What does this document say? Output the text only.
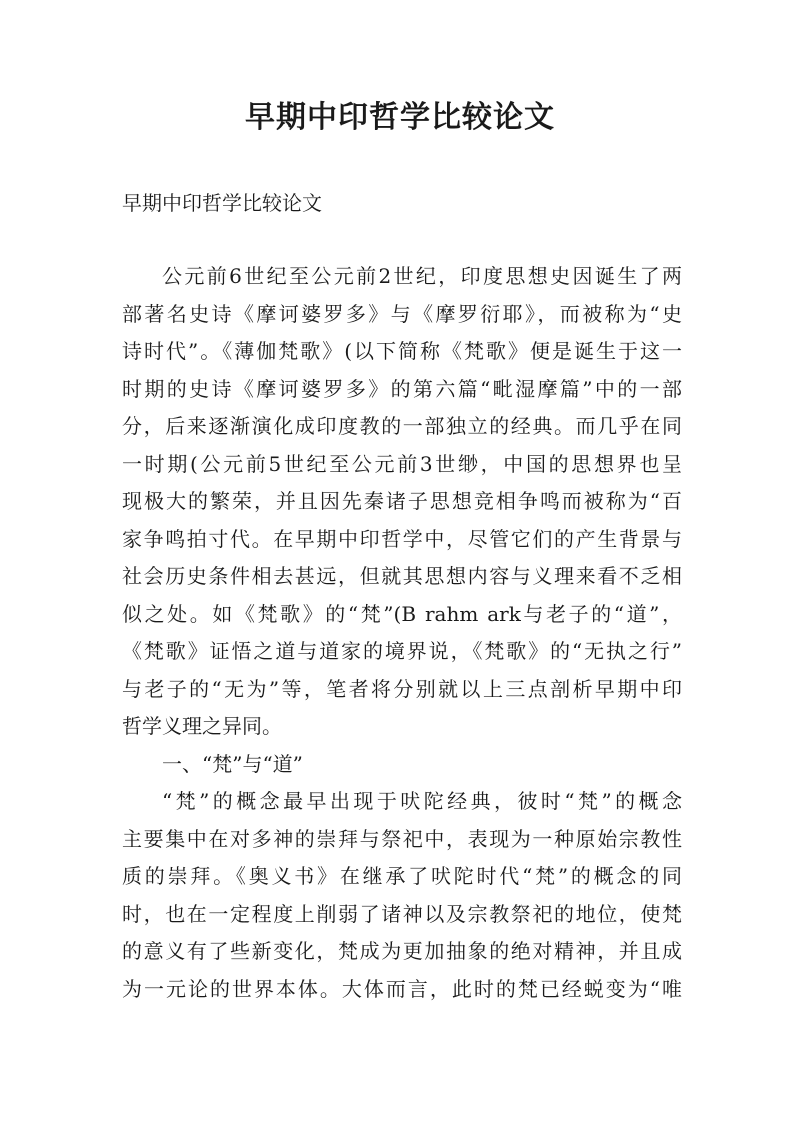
早期中印哲学比较论文

早期中印哲学比较论文

公元前6世纪至公元前2世纪，印度思想史因诞生了两
部著名史诗《摩诃婆罗多》与《摩罗衍耶》，而被称为“史
诗时代”。《薄伽梵歌》(以下简称《梵歌》便是诞生于这一
时期的史诗《摩诃婆罗多》的第六篇“毗湿摩篇”中的一部
分，后来逐渐演化成印度教的一部独立的经典。而几乎在同
一时期(公元前5世纪至公元前3世缈，中国的思想界也呈
现极大的繁荣，并且因先秦诸子思想竞相争鸣而被称为“百
家争鸣拍寸代。在早期中印哲学中，尽管它们的产生背景与
社会历史条件相去甚远，但就其思想内容与义理来看不乏相
似之处。如《梵歌》的“梵”(B rahm ark与老子的“道”，
《梵歌》证悟之道与道家的境界说，《梵歌》的“无执之行”
与老子的“无为”等，笔者将分别就以上三点剖析早期中印
哲学义理之异同。
一、“梵”与“道”
“梵”的概念最早出现于吠陀经典，彼时“梵”的概念
主要集中在对多神的崇拜与祭祀中，表现为一种原始宗教性
质的崇拜。《奥义书》在继承了吠陀时代“梵”的概念的同
时，也在一定程度上削弱了诸神以及宗教祭祀的地位，使梵
的意义有了些新变化，梵成为更加抽象的绝对精神，并且成
为一元论的世界本体。大体而言，此时的梵已经蜕变为“唯
